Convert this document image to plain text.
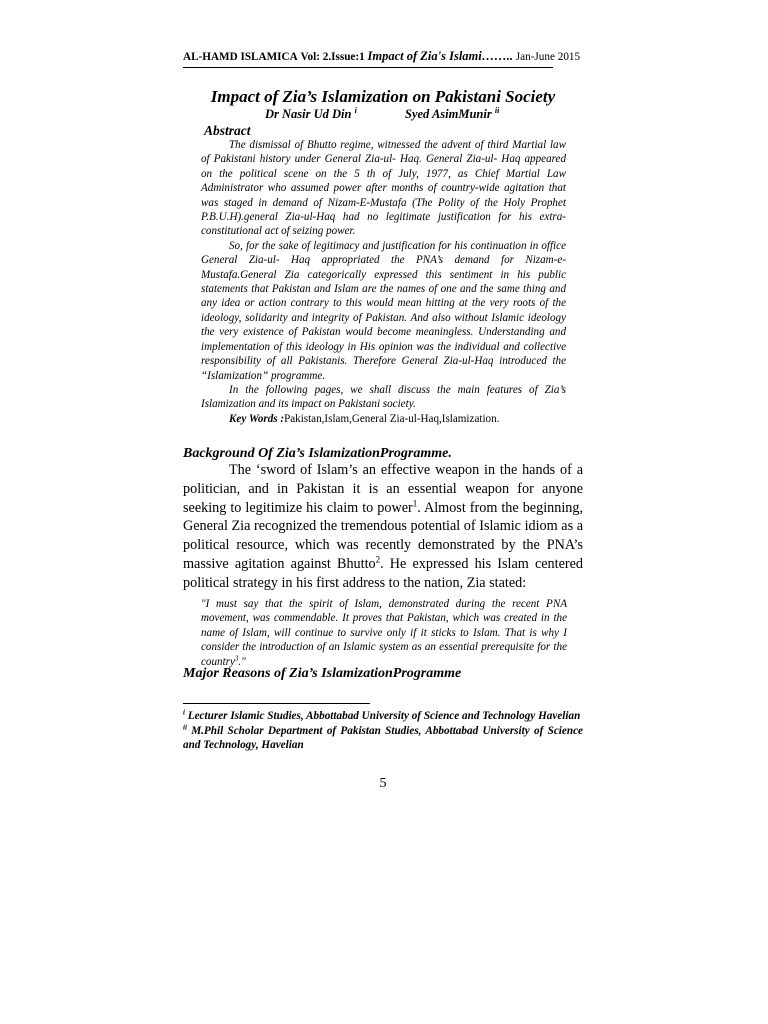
AL-HAMD ISLAMICA Vol: 2.Issue:1 Impact of Zia's Islami…….. Jan-June 2015
Impact of Zia’s Islamization on Pakistani Society
Dr Nasir Ud Din $^i$	Syed AsimMunir $^{ii}$
Abstract

The dismissal of Bhutto regime, witnessed the advent of third Martial law of Pakistani history under General Zia-ul- Haq. General Zia-ul- Haq appeared on the political scene on the 5 th of July, 1977, as Chief Martial Law Administrator who assumed power after months of country-wide agitation that was staged in demand of Nizam-E-Mustafa (The Polity of the Holy Prophet P.B.U.H).general Zia-ul-Haq had no legitimate justification for his extra-constitutional act of seizing power.

So, for the sake of legitimacy and justification for his continuation in office General Zia-ul- Haq appropriated the PNA’s demand for Nizam-e-Mustafa.General Zia categorically expressed this sentiment in his public statements that Pakistan and Islam are the names of one and the same thing and any idea or action contrary to this would mean hitting at the very roots of the ideology, solidarity and integrity of Pakistan. And also without Islamic ideology the very existence of Pakistan would become meaningless. Understanding and implementation of this ideology in His opinion was the individual and collective responsibility of all Pakistanis. Therefore General Zia-ul-Haq introduced the “Islamization” programme.

In the following pages, we shall discuss the main features of Zia’s Islamization and its impact on Pakistani society.

Key Words :Pakistan,Islam,General Zia-ul-Haq,Islamization.

Background Of Zia’s IslamizationProgramme.

The ‘sword of Islam’s an effective weapon in the hands of a politician, and in Pakistan it is an essential weapon for anyone seeking to legitimize his claim to power$^1$. Almost from the beginning, General Zia recognized the tremendous potential of Islamic idiom as a political resource, which was recently demonstrated by the PNA’s massive agitation against Bhutto$^2$. He expressed his Islam centered political strategy in his first address to the nation, Zia stated:

"I must say that the spirit of Islam, demonstrated during the recent PNA movement, was commendable. It proves that Pakistan, which was created in the name of Islam, will continue to survive only if it sticks to Islam. That is why I consider the introduction of an Islamic system as an essential prerequisite for the country$^3$."
Major Reasons of Zia’s IslamizationProgramme

$^i$ Lecturer Islamic Studies, Abbottabad University of Science and Technology Havelian

$^{ii}$ M.Phil Scholar Department of Pakistan Studies, Abbottabad University of Science and Technology, Havelian

5
